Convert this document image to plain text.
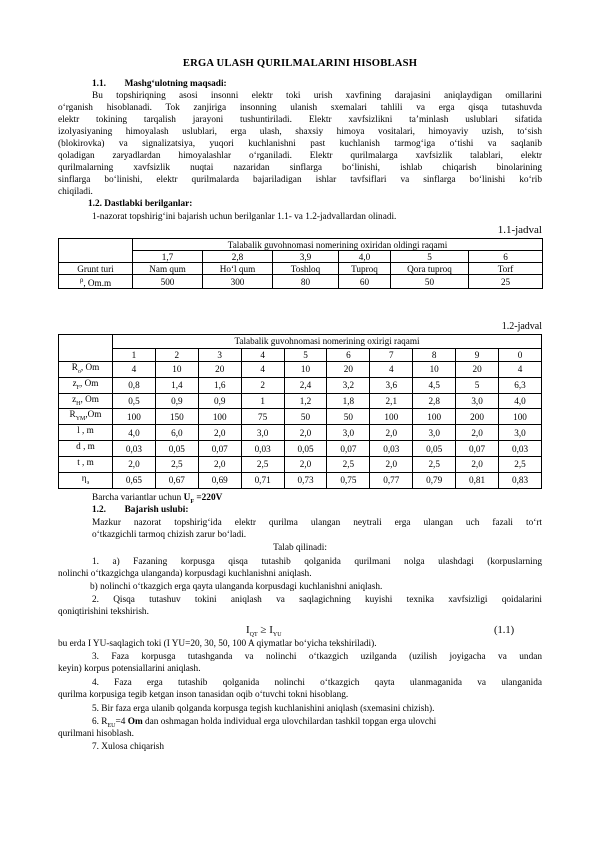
ERGA ULASH QURILMALARINI HISOBLASH
1.1. Mashg‘ulotning maqsadi:
Bu topshiriqning asosi insonni elektr toki urish xavfining darajasini aniqlaydigan omillarini
o‘rganish hisoblanadi. Tok zanjiriga insonning ulanish sxemalari tahlili va erga qisqa tutashuvda
elektr tokining tarqalish jarayoni tushuntiriladi. Elektr xavfsizlikni ta’minlash uslublari sifatida
izolyasiyaning himoyalash uslublari, erga ulash, shaxsiy himoya vositalari, himoyaviy uzish, to‘sish
(blokirovka) va signalizatsiya, yuqori kuchlanishni past kuchlanish tarmog‘iga o‘tishi va saqlanib
qoladigan zaryadlardan himoyalashlar o‘rganiladi. Elektr qurilmalarga xavfsizlik talablari, elektr
qurilmalarning xavfsizlik nuqtai nazaridan sinflarga bo‘linishi, ishlab chiqarish binolarining
sinflarga bo‘linishi, elektr qurilmalarda bajariladigan ishlar tavfsiflari va sinflarga bo‘linishi ko‘rib
chiqiladi.
1.2. Dastlabki berilganlar:
1-nazorat topshirig‘ini bajarish uchun berilganlar 1.1- va 1.2-jadvallardan olinadi.
1.1-jadval
	Talabalik guvohnomasi nomerining oxiridan oldingi raqami					
	1,7	2,8	3,9	4,0	5	6
Grunt turi	Nam qum	Ho‘l qum	Toshloq	Tuproq	Qora tuproq	Torf
$^\rho$, Om.m	500	300	80	60	50	25
1.2-jadval
	Talabalik guvohnomasi nomerining oxirigi raqami									
	1	2	3	4	5	6	7	8	9	0
$R_o$, Om	4	10	20	4	10	20	4	10	20	4
$z_F$, Om	0,8	1,4	1,6	2	2,4	3,2	3,6	4,5	5	6,3
$z_H$, Om	0,5	0,9	0,9	1	1,2	1,8	2,1	2,8	3,0	4,0
$R_{YM},Om$	100	150	100	75	50	50	100	100	200	100
l , m	4,0	6,0	2,0	3,0	2,0	3,0	2,0	3,0	2,0	3,0
d , m	0,03	0,05	0,07	0,03	0,05	0,07	0,03	0,05	0,07	0,03
t , m	2,0	2,5	2,0	2,5	2,0	2,5	2,0	2,5	2,0	2,5
$\eta_э$	0,65	0,67	0,69	0,71	0,73	0,75	0,77	0,79	0,81	0,83
Barcha variantlar uchun $U_F =220V$
1.2. Bajarish uslubi:
Mazkur nazorat topshirig‘ida elektr qurilma ulangan neytrali erga ulangan uch fazali to‘rt
o‘tkazgichli tarmoq chizish zarur bo‘ladi.
Talab qilinadi:
1. a) Fazaning korpusga qisqa tutashib qolganida qurilmani nolga ulashdagi (korpuslarning
nolinchi o‘tkazgichga ulanganda) korpusdagi kuchlanishni aniqlash.
b) nolinchi o‘tkazgich erga qayta ulanganda korpusdagi kuchlanishni aniqlash.
2. Qisqa tutashuv tokini aniqlash va saqlagichning kuyishi texnika xavfsizligi qoidalarini
qoniqtirishini tekshirish.
$I_{QT} \ge I_{YU}$	(1.1)
bu erda I YU-saqlagich toki (I YU=20, 30, 50, 100 A qiymatlar bo‘yicha tekshiriladi).
3. Faza korpusga tutashganda va nolinchi o‘tkazgich uzilganda (uzilish joyigacha va undan
keyin) korpus potensiallarini aniqlash.
4. Faza erga tutashib qolganida nolinchi o‘tkazgich qayta ulanmaganida va ulanganida
qurilma korpusiga tegib ketgan inson tanasidan oqib o‘tuvchi tokni hisoblang.
5. Bir faza erga ulanib qolganda korpusga tegish kuchlanishini aniqlash (sxemasini chizish).
6. $R_{EU}=4$ Om dan oshmagan holda individual erga ulovchilardan tashkil topgan erga ulovchi
qurilmani hisoblash.
7. Xulosa chiqarish
